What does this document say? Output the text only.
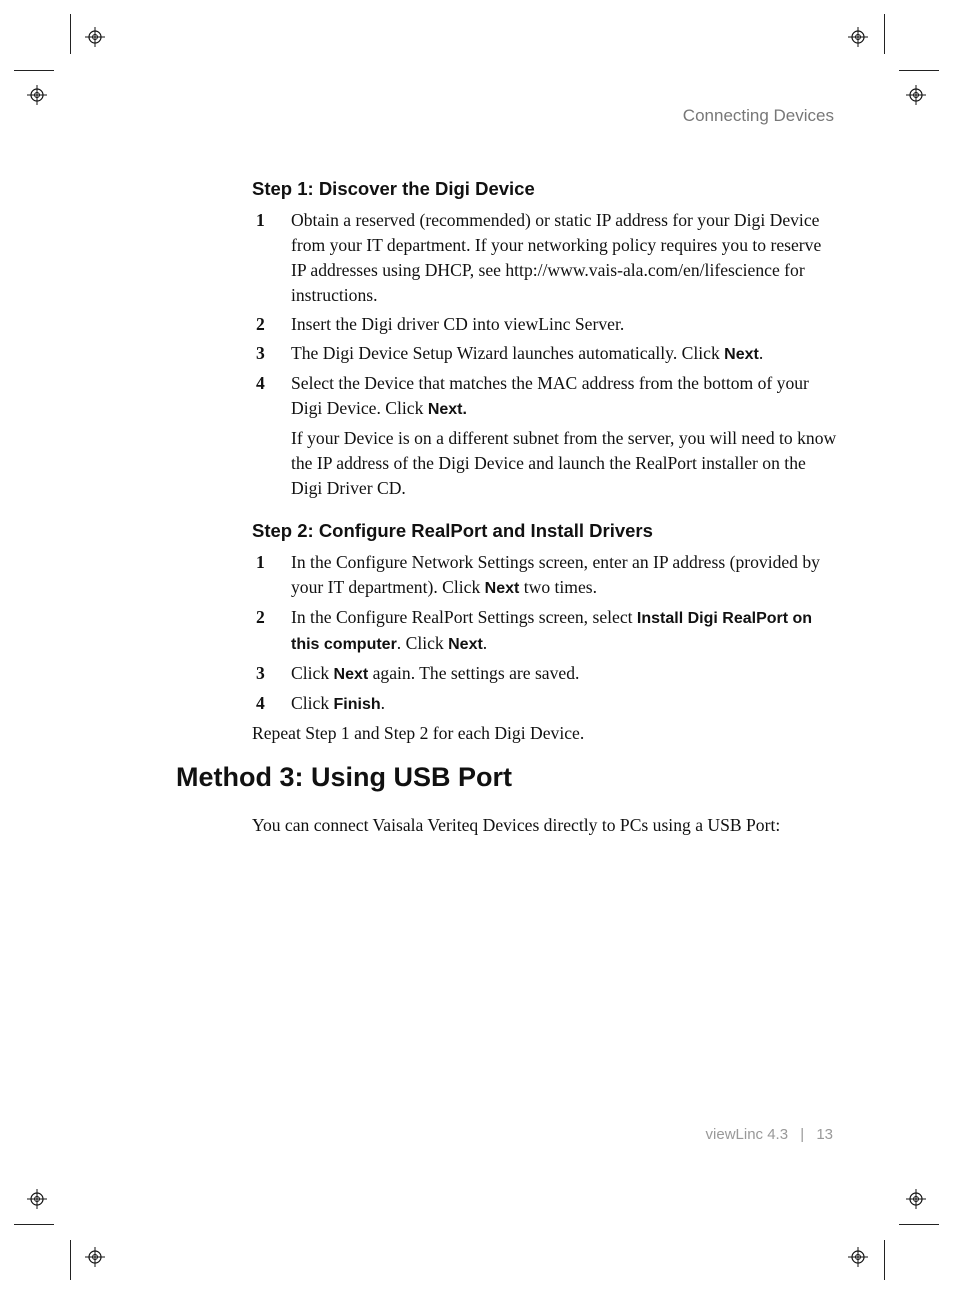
Connecting Devices
Step 1: Discover the Digi Device
1	Obtain a reserved (recommended) or static IP address for your Digi Device from your IT department. If your networking policy requires you to reserve IP addresses using DHCP, see http://www.vais-ala.com/en/lifescience for instructions.
2	Insert the Digi driver CD into viewLinc Server.
3	The Digi Device Setup Wizard launches automatically. Click Next.
4	Select the Device that matches the MAC address from the bottom of your Digi Device. Click Next.
If your Device is on a different subnet from the server, you will need to know the IP address of the Digi Device and launch the RealPort installer on the Digi Driver CD.
Step 2: Configure RealPort and Install Drivers
1	In the Configure Network Settings screen, enter an IP address (provided by your IT department). Click Next two times.
2	In the Configure RealPort Settings screen, select Install Digi RealPort on this computer. Click Next.
3	Click Next again. The settings are saved.
4	Click Finish.
Repeat Step 1 and Step 2 for each Digi Device.
Method 3: Using USB Port
You can connect Vaisala Veriteq Devices directly to PCs using a USB Port:
viewLinc 4.3 | 13
